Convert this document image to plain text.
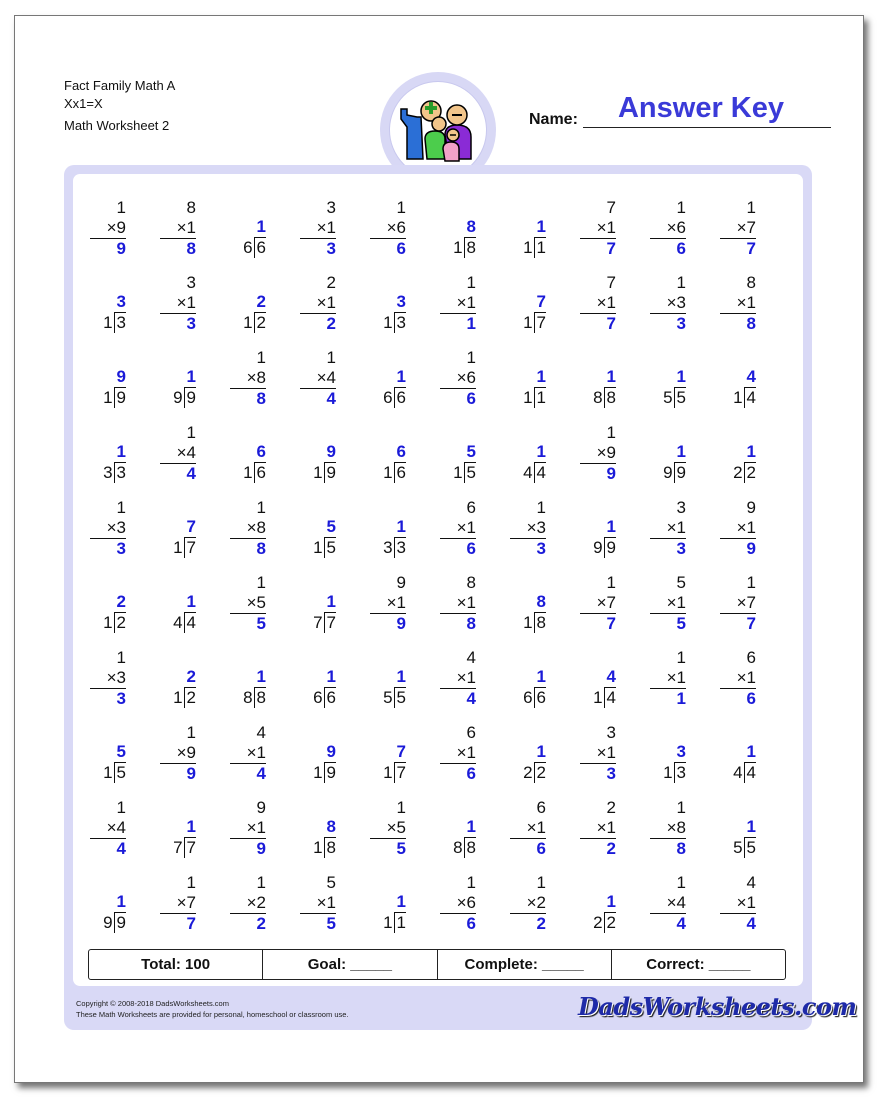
Fact Family Math A
Xx1=X
Math Worksheet 2	Name:	Answer Key
1
×9
9
8
×1
8
1
6 6
3
×1
3
1
×6
6
8
1 8
1
1 1
7
×1
7
1
×6
6
1
×7
7
3
1 3
3
×1
3
2
1 2
2
×1
2
3
1 3
1
×1
1
7
1 7
7
×1
7
1
×3
3
8
×1
8
9
1 9
1
9 9
1
×8
8
1
×4
4
1
6 6
1
×6
6
1
1 1
1
8 8
1
5 5
4
1 4
1
3 3
1
×4
4
6
1 6
9
1 9
6
1 6
5
1 5
1
4 4
1
×9
9
1
9 9
1
2 2
1
×3
3
7
1 7
1
×8
8
5
1 5
1
3 3
6
×1
6
1
×3
3
1
9 9
3
×1
3
9
×1
9
2
1 2
1
4 4
1
×5
5
1
7 7
9
×1
9
8
×1
8
8
1 8
1
×7
7
5
×1
5
1
×7
7
1
×3
3
2
1 2
1
8 8
1
6 6
1
5 5
4
×1
4
1
6 6
4
1 4
1
×1
1
6
×1
6
5
1 5
1
×9
9
4
×1
4
9
1 9
7
1 7
6
×1
6
1
2 2
3
×1
3
3
1 3
1
4 4
1
×4
4
1
7 7
9
×1
9
8
1 8
1
×5
5
1
8 8
6
×1
6
2
×1
2
1
×8
8
1
5 5
1
9 9
1
×7
7
1
×2
2
5
×1
5
1
1 1
1
×6
6
1
×2
2
1
2 2
1
×4
4
4
×1
4
Total: 100	Goal: _____	Complete: _____	Correct: _____
Copyright © 2008-2018 DadsWorksheets.com
These Math Worksheets are provided for personal, homeschool or classroom use.	DadsWorksheets.com
